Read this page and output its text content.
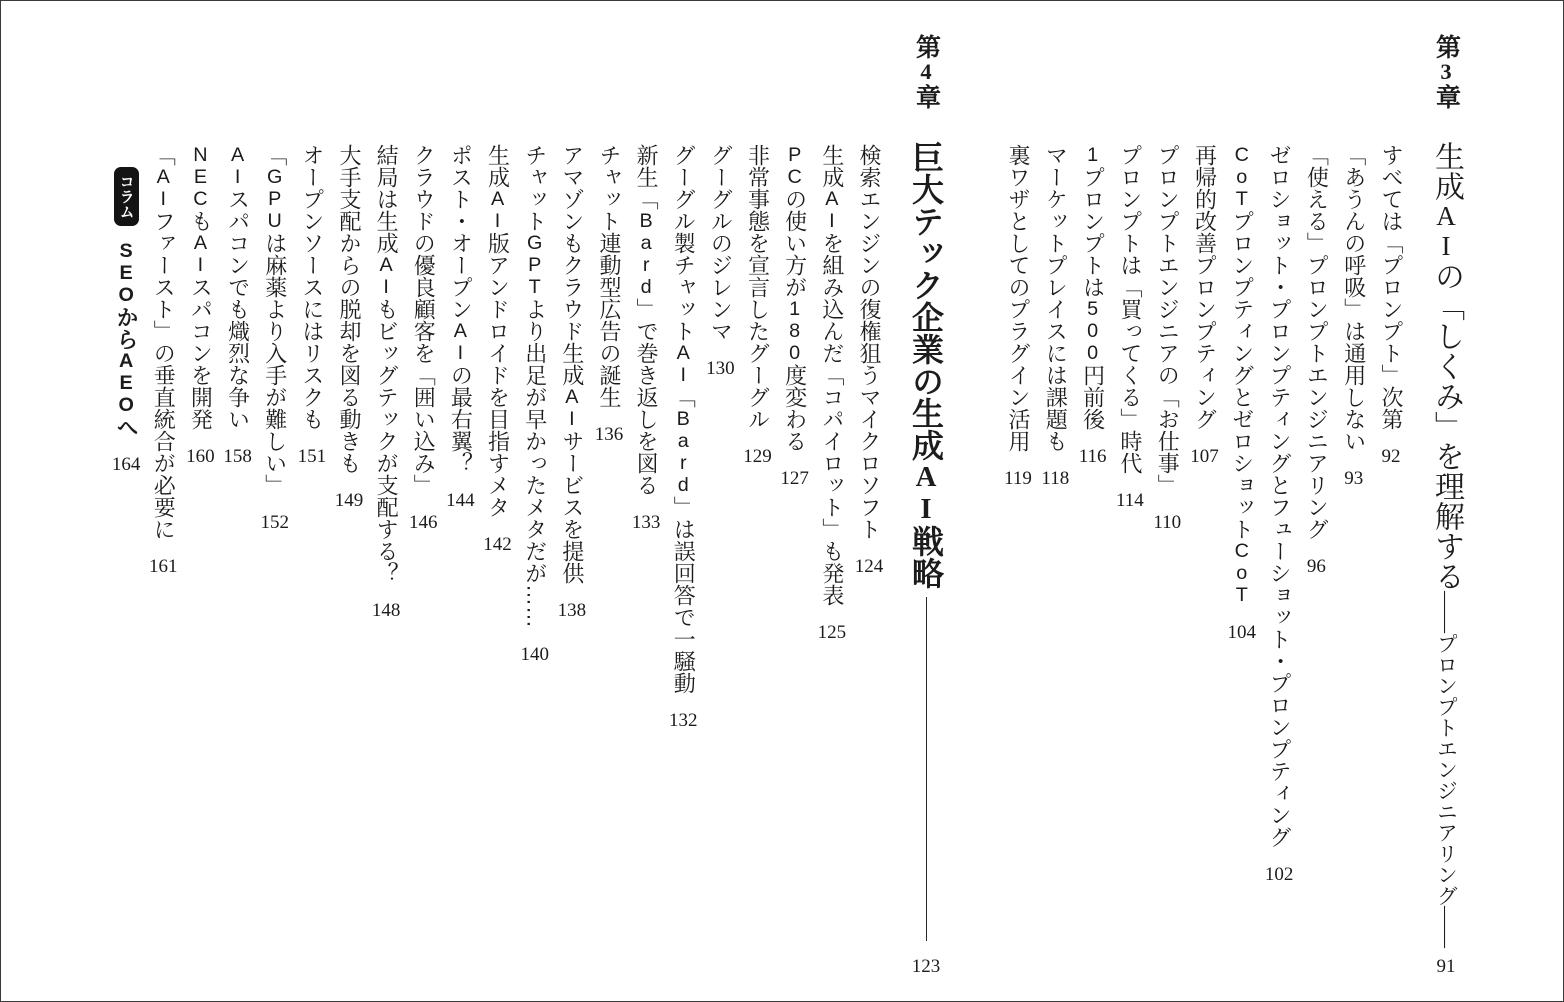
第3章
生成AIの「しくみ」を理解する
——プロンプトエンジニアリング——
91
すべては「プロンプト」次第
92
「あうんの呼吸」は通用しない
93
「使える」プロンプトエンジニアリング
96
ゼロショット・プロンプティングとフューショット・プロンプティング
102
CoTプロンプティングとゼロショットCoT
104
再帰的改善プロンプティング
107
プロンプトエンジニアの「お仕事」
110
プロンプトは「買ってくる」時代
114
1プロンプトは500円前後
116
マーケットプレイスには課題も
118
裏ワザとしてのプラグイン活用
119
第4章
巨大テック企業の生成AI戦略
123
検索エンジンの復権狙うマイクロソフト
124
生成AIを組み込んだ「コパイロット」も発表
125
PCの使い方が180度変わる
127
非常事態を宣言したグーグル
129
グーグルのジレンマ
130
グーグル製チャットAI「Bard」は誤回答で一騒動
132
新生「Bard」で巻き返しを図る
133
チャット連動型広告の誕生
136
アマゾンもクラウド生成AIサービスを提供
138
チャットGPTより出足が早かったメタだが……
140
生成AI版アンドロイドを目指すメタ
142
ポスト・オープンAIの最右翼？
144
クラウドの優良顧客を「囲い込み」
146
結局は生成AIもビッグテックが支配する？
148
大手支配からの脱却を図る動きも
149
オープンソースにはリスクも
151
「GPUは麻薬より入手が難しい」
152
AIスパコンでも熾烈な争い
158
NECもAIスパコンを開発
160
「AIファースト」の垂直統合が必要に
161
コラム
SEOからAEOへ
164
